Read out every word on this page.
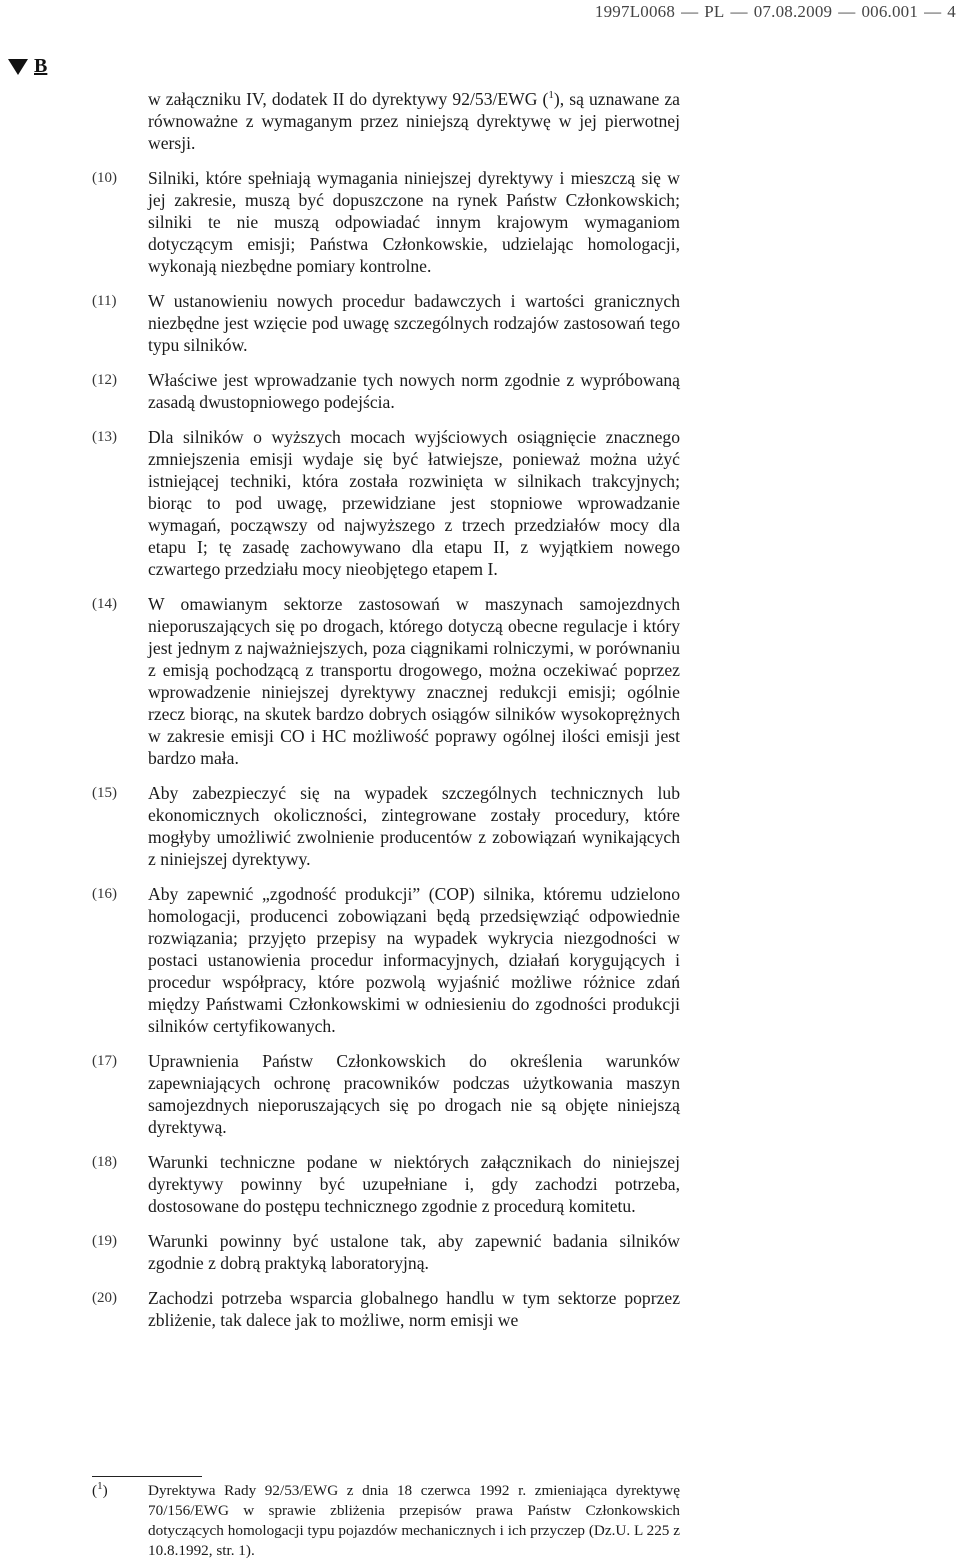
1997L0068 — PL — 07.08.2009 — 006.001 — 4
B
w załączniku IV, dodatek II do dyrektywy 92/53/EWG ($^1$), są uznawane za równoważne z wymaganym przez niniejszą dyrektywę w jej pierwotnej wersji.
(10)	Silniki, które spełniają wymagania niniejszej dyrektywy i mieszczą się w jej zakresie, muszą być dopuszczone na rynek Państw Członkowskich; silniki te nie muszą odpowiadać innym krajowym wymaganiom dotyczącym emisji; Państwa Członkowskie, udzielając homologacji, wykonają niezbędne pomiary kontrolne.
(11)	W ustanowieniu nowych procedur badawczych i wartości granicznych niezbędne jest wzięcie pod uwagę szczególnych rodzajów zastosowań tego typu silników.
(12)	Właściwe jest wprowadzanie tych nowych norm zgodnie z wypróbowaną zasadą dwustopniowego podejścia.
(13)	Dla silników o wyższych mocach wyjściowych osiągnięcie znacznego zmniejszenia emisji wydaje się być łatwiejsze, ponieważ można użyć istniejącej techniki, która została rozwinięta w silnikach trakcyjnych; biorąc to pod uwagę, przewidziane jest stopniowe wprowadzanie wymagań, począwszy od najwyższego z trzech przedziałów mocy dla etapu I; tę zasadę zachowywano dla etapu II, z wyjątkiem nowego czwartego przedziału mocy nieobjętego etapem I.
(14)	W omawianym sektorze zastosowań w maszynach samojezdnych nieporuszających się po drogach, którego dotyczą obecne regulacje i który jest jednym z najważniejszych, poza ciągnikami rolniczymi, w porównaniu z emisją pochodzącą z transportu drogowego, można oczekiwać poprzez wprowadzenie niniejszej dyrektywy znacznej redukcji emisji; ogólnie rzecz biorąc, na skutek bardzo dobrych osiągów silników wysokoprężnych w zakresie emisji CO i HC możliwość poprawy ogólnej ilości emisji jest bardzo mała.
(15)	Aby zabezpieczyć się na wypadek szczególnych technicznych lub ekonomicznych okoliczności, zintegrowane zostały procedury, które mogłyby umożliwić zwolnienie producentów z zobowiązań wynikających z niniejszej dyrektywy.
(16)	Aby zapewnić „zgodność produkcji” (COP) silnika, któremu udzielono homologacji, producenci zobowiązani będą przedsięwziąć odpowiednie rozwiązania; przyjęto przepisy na wypadek wykrycia niezgodności w postaci ustanowienia procedur informacyjnych, działań korygujących i procedur współpracy, które pozwolą wyjaśnić możliwe różnice zdań między Państwami Członkowskimi w odniesieniu do zgodności produkcji silników certyfikowanych.
(17)	Uprawnienia Państw Członkowskich do określenia warunków zapewniających ochronę pracowników podczas użytkowania maszyn samojezdnych nieporuszających się po drogach nie są objęte niniejszą dyrektywą.
(18)	Warunki techniczne podane w niektórych załącznikach do niniejszej dyrektywy powinny być uzupełniane i, gdy zachodzi potrzeba, dostosowane do postępu technicznego zgodnie z procedurą komitetu.
(19)	Warunki powinny być ustalone tak, aby zapewnić badania silników zgodnie z dobrą praktyką laboratoryjną.
(20)	Zachodzi potrzeba wsparcia globalnego handlu w tym sektorze poprzez zbliżenie, tak dalece jak to możliwe, norm emisji we
($^1$)	Dyrektywa Rady 92/53/EWG z dnia 18 czerwca 1992 r. zmieniająca dyrektywę 70/156/EWG w sprawie zbliżenia przepisów prawa Państw Członkowskich dotyczących homologacji typu pojazdów mechanicznych i ich przyczep (Dz.U. L 225 z 10.8.1992, str. 1).
